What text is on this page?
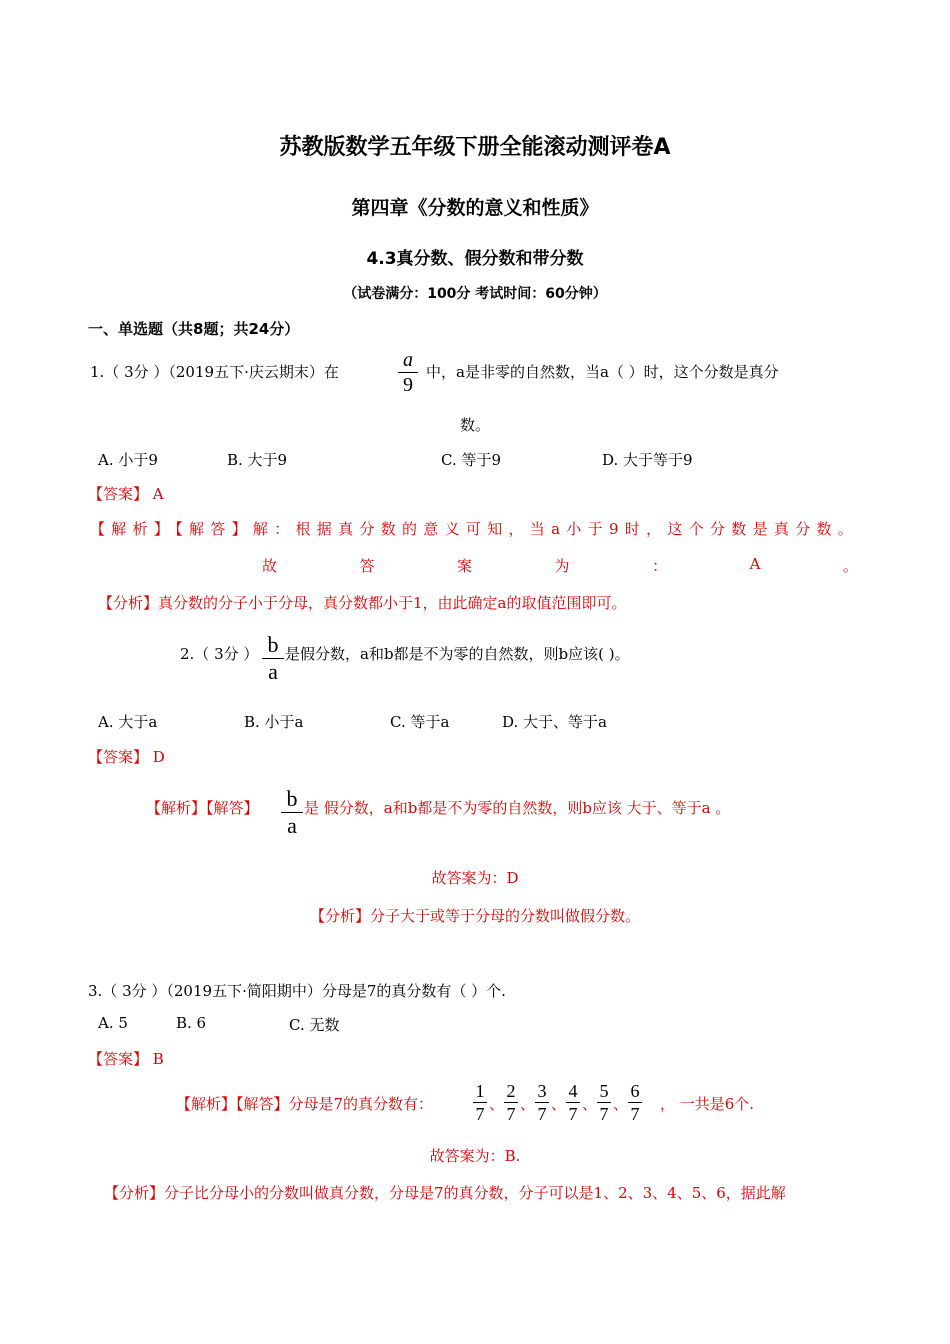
苏教版数学五年级下册全能滚动测评卷A
第四章《分数的意义和性质》
4.3真分数、假分数和带分数
（试卷满分：100分 考试时间：60分钟）
一、单选题（共8题；共24分）
1.（ 3分 ）（2019五下·庆云期末）在
a
9
中，a是非零的自然数，当a（ ）时，这个分数是真分
数。
A. 小于9	B. 大于9	C. 等于9	D. 大于等于9
【答案】 A
【解析】【解答】解：根据真分数的意义可知，当a小于9时，这个分数是真分数。
故	答	案	为	：	A	。
【分析】真分数的分子小于分母，真分数都小于1，由此确定a的取值范围即可。
2.（ 3分 ） b
a
是假分数，a和b都是不为零的自然数，则b应该( )。
A. 大于a	B. 小于a	C. 等于a	D. 大于、等于a
【答案】 D
【解析】【解答】 b
a
是 假分数，a和b都是不为零的自然数，则b应该 大于、等于a 。
故答案为：D
【分析】分子大于或等于分母的分数叫做假分数。
3.（ 3分 ）（2019五下·简阳期中）分母是7的真分数有（ ）个.
A. 5	B. 6	C. 无数
【答案】 B
【解析】【解答】分母是7的真分数有：
1
7 、
2
7 、
3
7 、
4
7 、
5
7 、
6
7 ， 一共是6个.
故答案为：B.
【分析】分子比分母小的分数叫做真分数，分母是7的真分数，分子可以是1、2、3、4、5、6，据此解
